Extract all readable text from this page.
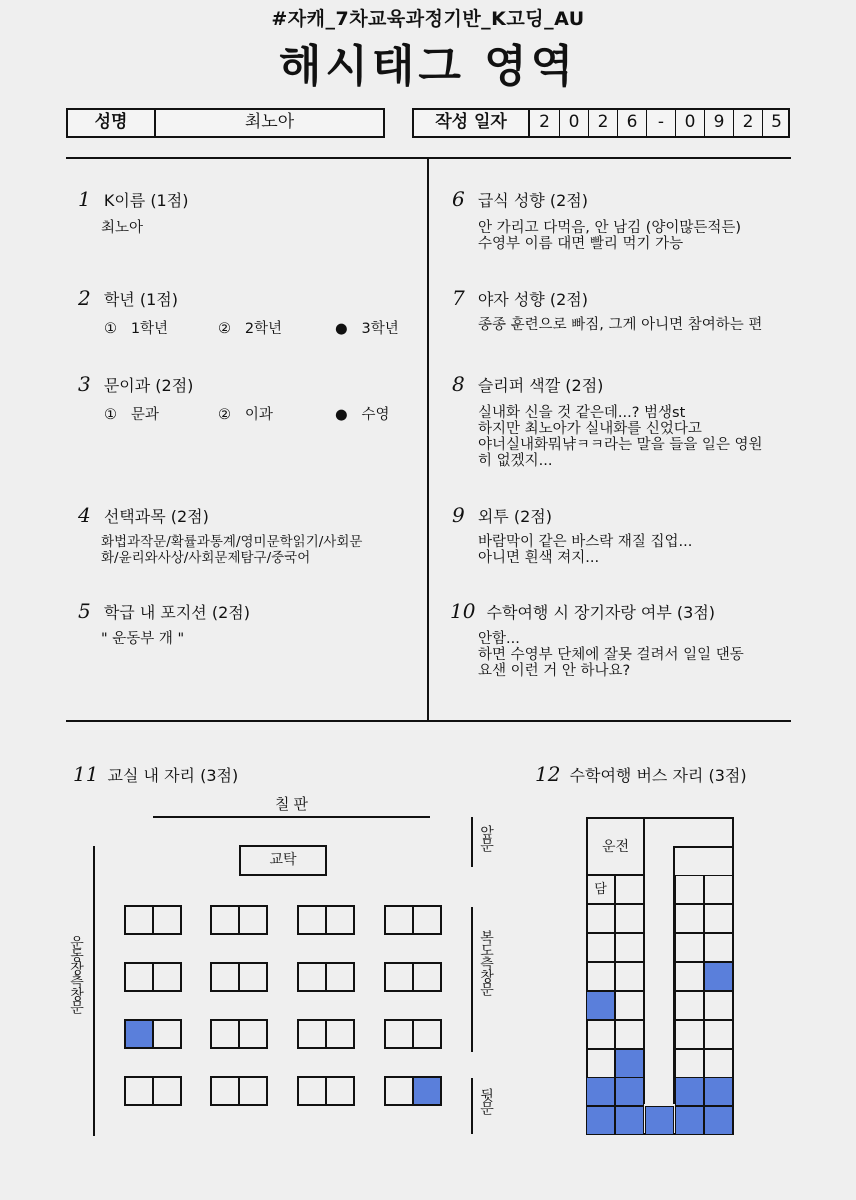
#자캐_7차교육과정기반_K고딩_AU
해시태그 영역
성명	최노아	작성 일자	2	0	2	6	-	0	9	2	5
1 K이름 (1점)
최노아
2 학년 (1점)
① 1학년	② 2학년	● 3학년
3 문이과 (2점)
① 문과	② 이과	● 수영
4 선택과목 (2점)
화법과작문/확률과통계/영미문학읽기/사회문
화/윤리와사상/사회문제탐구/중국어
5 학급 내 포지션 (2점)
" 운동부 개 "
6 급식 성향 (2점)
안 가리고 다먹음, 안 남김 (양이많든적든)
수영부 이름 대면 빨리 먹기 가능
7 야자 성향 (2점)
종종 훈련으로 빠짐, 그게 아니면 참여하는 편
8 슬리퍼 색깔 (2점)
실내화 신을 것 같은데...? 범생st
하지만 최노아가 실내화를 신었다고
야너실내화뭐냒ㅋㅋ라는 말을 들을 일은 영원
히 없겠지...
9 외투 (2점)
바람막이 같은 바스락 재질 집업...
아니면 흰색 져지...
10 수학여행 시 장기자랑 여부 (3점)
안함...
하면 수영부 단체에 잘못 걸려서 일일 댄동
요샌 이런 거 안 하나요?
11 교실 내 자리 (3점)
칠판
교탁
운동장측창문
앞문
복도측창문
뒷문
12 수학여행 버스 자리 (3점)
운전
담
